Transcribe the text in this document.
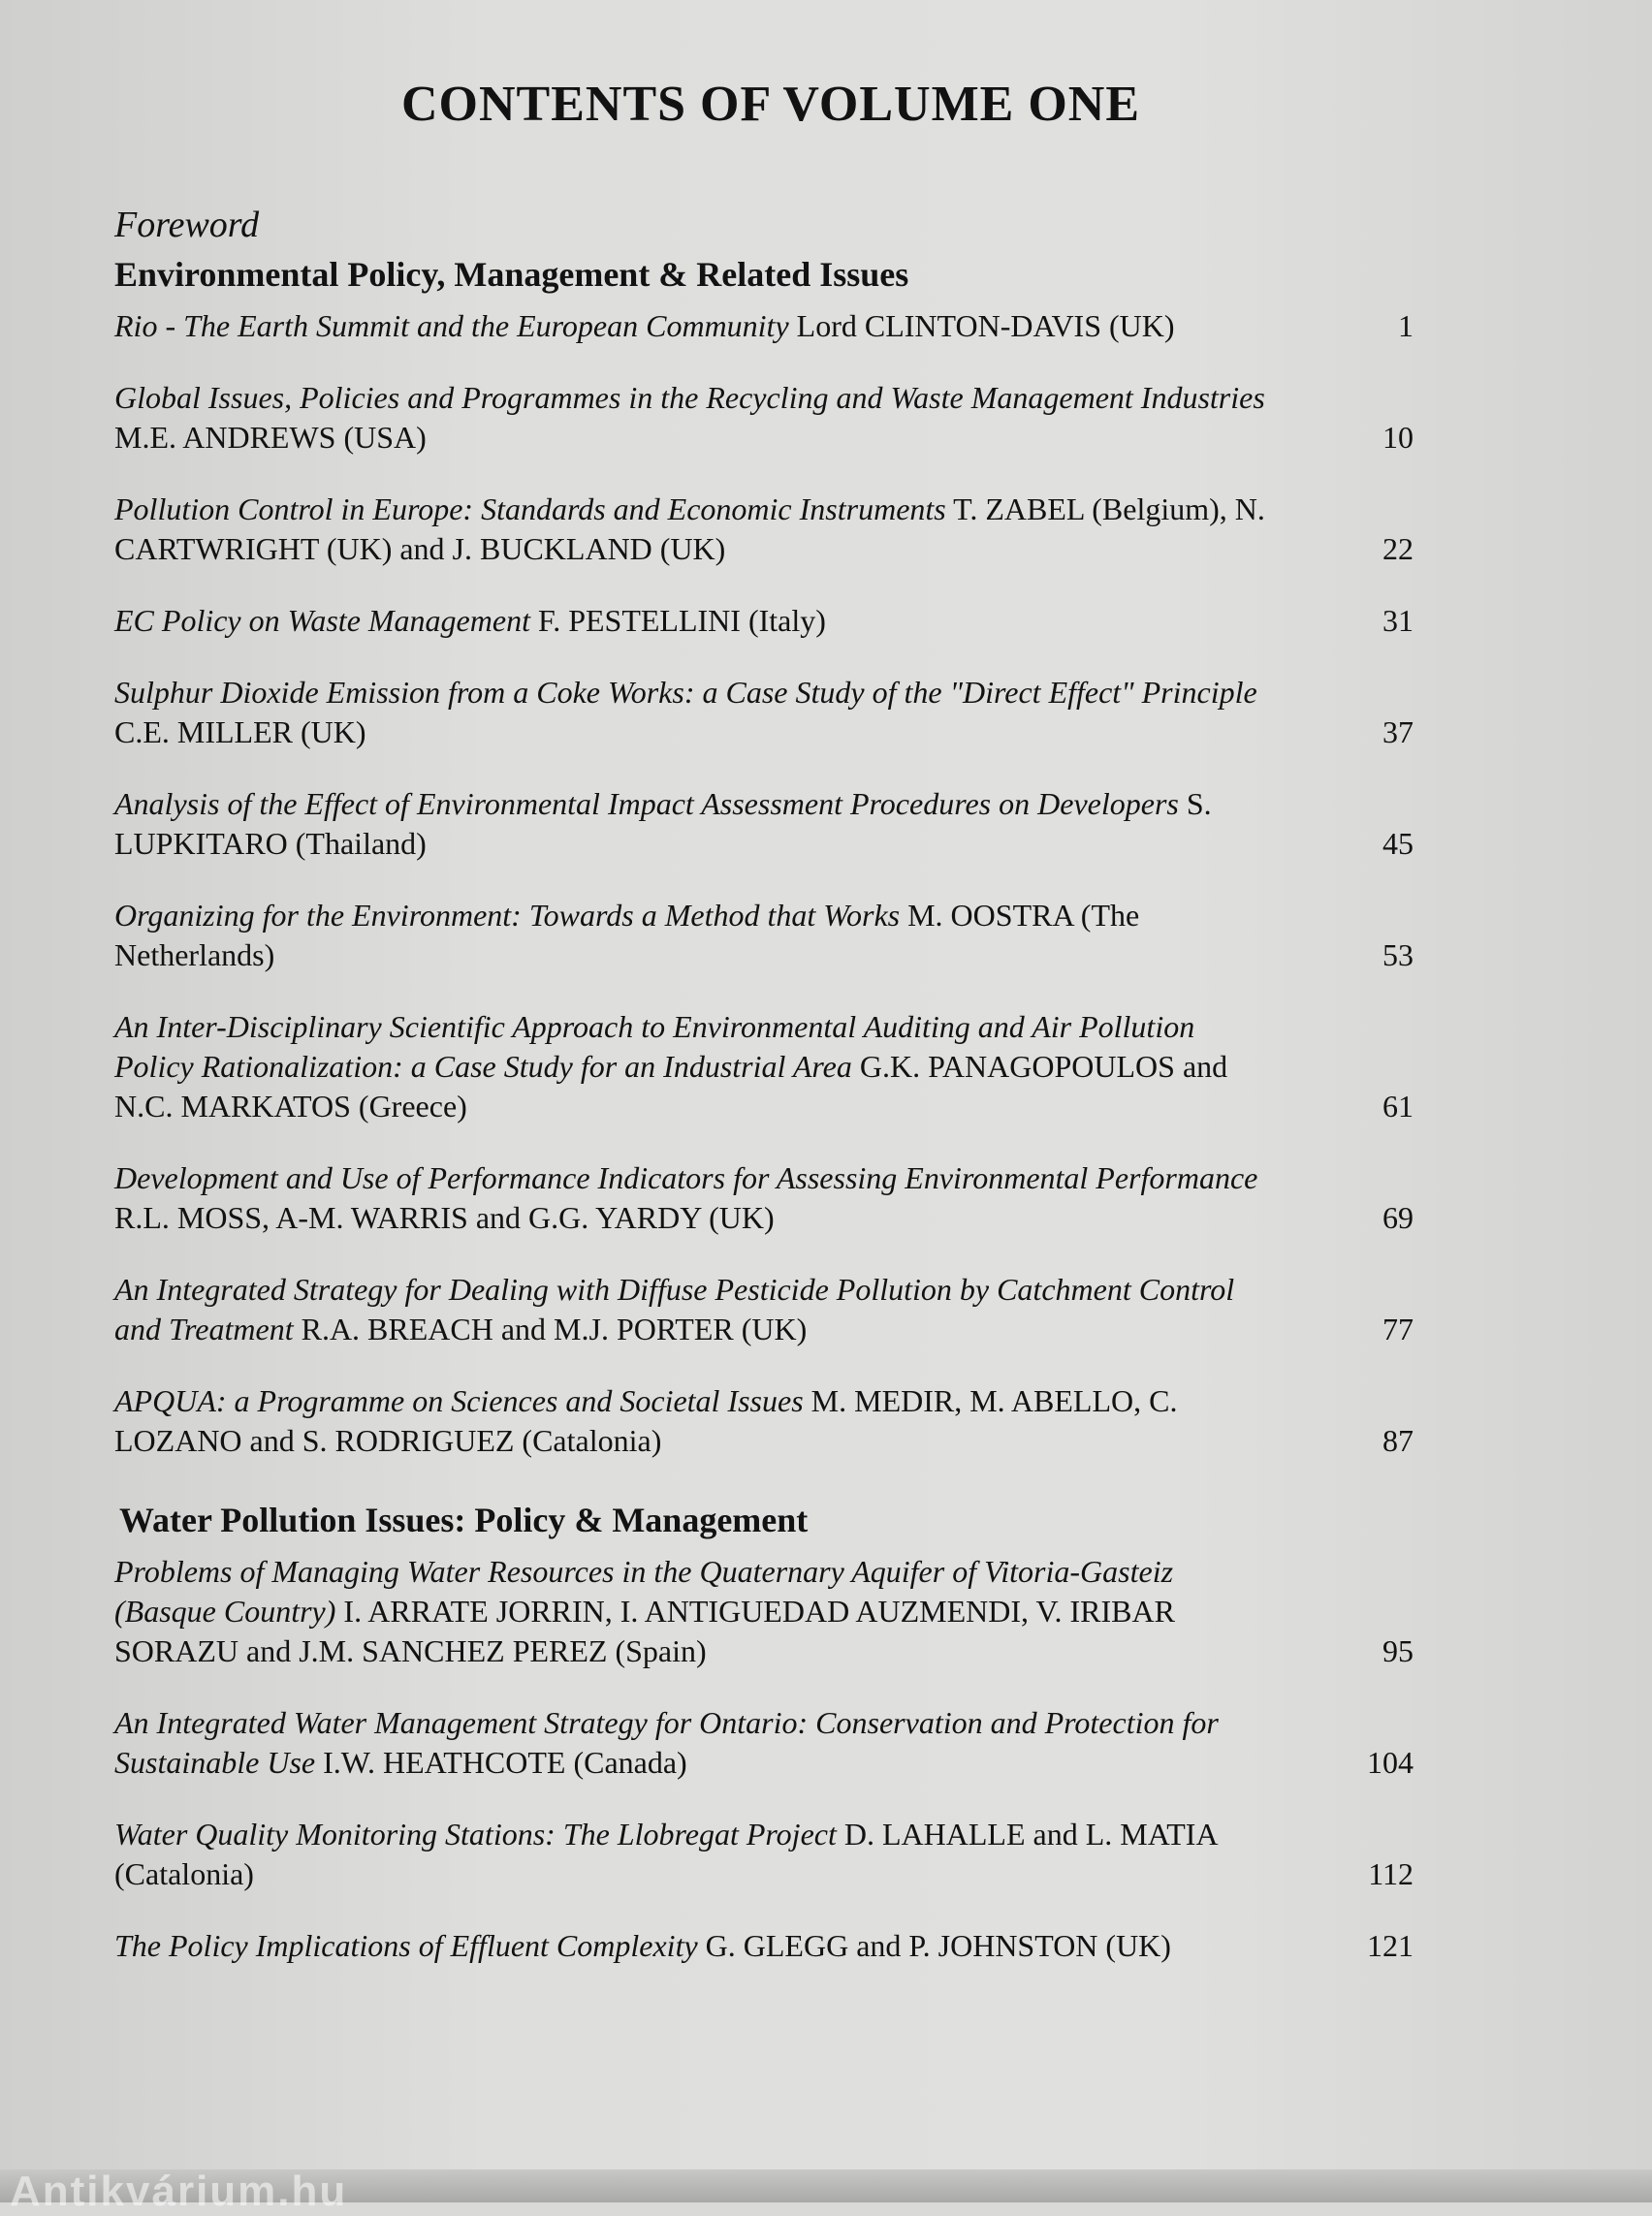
CONTENTS OF VOLUME ONE
Foreword
Environmental Policy, Management & Related Issues
Rio - The Earth Summit and the European Community Lord CLINTON-DAVIS (UK)	1
Global Issues, Policies and Programmes in the Recycling and Waste Management Industries M.E. ANDREWS (USA)	10
Pollution Control in Europe: Standards and Economic Instruments T. ZABEL (Belgium), N. CARTWRIGHT (UK) and J. BUCKLAND (UK)	22
EC Policy on Waste Management F. PESTELLINI (Italy)	31
Sulphur Dioxide Emission from a Coke Works: a Case Study of the "Direct Effect" Principle C.E. MILLER (UK)	37
Analysis of the Effect of Environmental Impact Assessment Procedures on Developers S. LUPKITARO (Thailand)	45
Organizing for the Environment: Towards a Method that Works M. OOSTRA (The Netherlands)	53
An Inter-Disciplinary Scientific Approach to Environmental Auditing and Air Pollution Policy Rationalization: a Case Study for an Industrial Area G.K. PANAGOPOULOS and N.C. MARKATOS (Greece)	61
Development and Use of Performance Indicators for Assessing Environmental Performance R.L. MOSS, A-M. WARRIS and G.G. YARDY (UK)	69
An Integrated Strategy for Dealing with Diffuse Pesticide Pollution by Catchment Control and Treatment R.A. BREACH and M.J. PORTER (UK)	77
APQUA: a Programme on Sciences and Societal Issues M. MEDIR, M. ABELLO, C. LOZANO and S. RODRIGUEZ (Catalonia)	87
Water Pollution Issues: Policy & Management
Problems of Managing Water Resources in the Quaternary Aquifer of Vitoria-Gasteiz (Basque Country) I. ARRATE JORRIN, I. ANTIGUEDAD AUZMENDI, V. IRIBAR SORAZU and J.M. SANCHEZ PEREZ (Spain)	95
An Integrated Water Management Strategy for Ontario: Conservation and Protection for Sustainable Use I.W. HEATHCOTE (Canada)	104
Water Quality Monitoring Stations: The Llobregat Project D. LAHALLE and L. MATIA (Catalonia)	112
The Policy Implications of Effluent Complexity G. GLEGG and P. JOHNSTON (UK)	121
Antikvárium.hu
